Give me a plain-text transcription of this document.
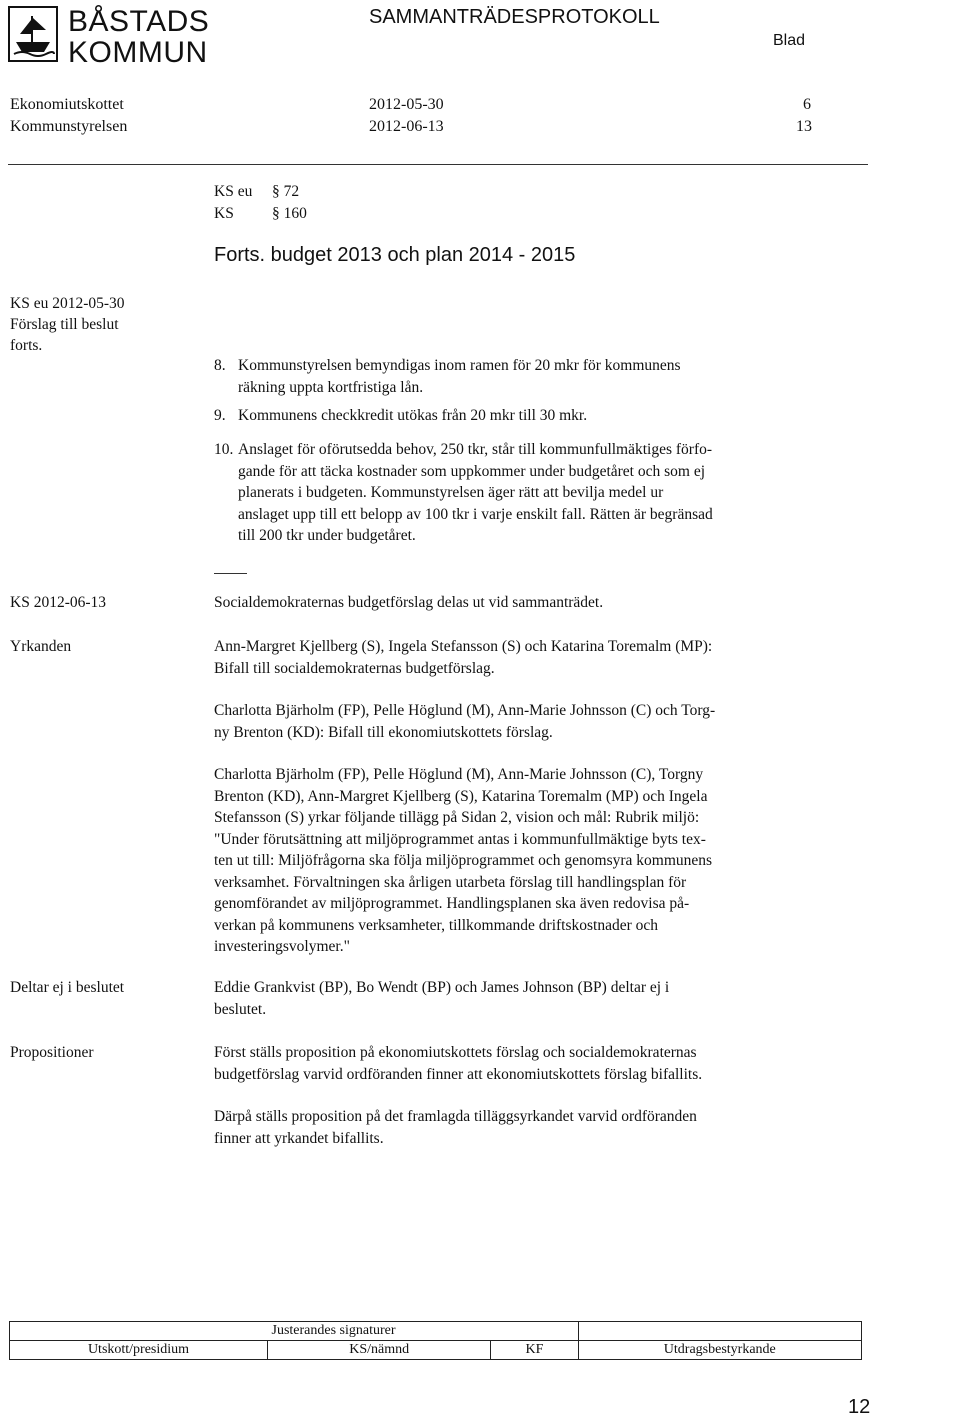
BÅSTADS
KOMMUN
SAMMANTRÄDESPROTOKOLL
Blad
Ekonomiutskottet	2012-05-30	6
Kommunstyrelsen	2012-06-13	13
KS eu § 72
KS § 160
Forts. budget 2013 och plan 2014 - 2015
KS eu 2012-05-30
Förslag till beslut
forts.
8. Kommunstyrelsen bemyndigas inom ramen för 20 mkr för kommunens
räkning uppta kortfristiga lån.
9. Kommunens checkkredit utökas från 20 mkr till 30 mkr.
10. Anslaget för oförutsedda behov, 250 tkr, står till kommunfullmäktiges förfo-
gande för att täcka kostnader som uppkommer under budgetåret och som ej
planerats i budgeten. Kommunstyrelsen äger rätt att bevilja medel ur
anslaget upp till ett belopp av 100 tkr i varje enskilt fall. Rätten är begränsad
till 200 tkr under budgetåret.
KS 2012-06-13	Socialdemokraternas budgetförslag delas ut vid sammanträdet.
Yrkanden	Ann-Margret Kjellberg (S), Ingela Stefansson (S) och Katarina Toremalm (MP):
Bifall till socialdemokraternas budgetförslag.
Charlotta Bjärholm (FP), Pelle Höglund (M), Ann-Marie Johnsson (C) och Torg-
ny Brenton (KD): Bifall till ekonomiutskottets förslag.
Charlotta Bjärholm (FP), Pelle Höglund (M), Ann-Marie Johnsson (C), Torgny
Brenton (KD), Ann-Margret Kjellberg (S), Katarina Toremalm (MP) och Ingela
Stefansson (S) yrkar följande tillägg på Sidan 2, vision och mål: Rubrik miljö:
"Under förutsättning att miljöprogrammet antas i kommunfullmäktige byts tex-
ten ut till: Miljöfrågorna ska följa miljöprogrammet och genomsyra kommunens
verksamhet. Förvaltningen ska årligen utarbeta förslag till handlingsplan för
genomförandet av miljöprogrammet. Handlingsplanen ska även redovisa på-
verkan på kommunens verksamheter, tillkommande driftskostnader och
investeringsvolymer."
Deltar ej i beslutet	Eddie Grankvist (BP), Bo Wendt (BP) och James Johnson (BP) deltar ej i
beslutet.
Propositioner	Först ställs proposition på ekonomiutskottets förslag och socialdemokraternas
budgetförslag varvid ordföranden finner att ekonomiutskottets förslag bifallits.
Därpå ställs proposition på det framlagda tilläggsyrkandet varvid ordföranden
finner att yrkandet bifallits.
	Justerandes signaturer		
Utskott/presidium	KS/nämnd	KF	Utdragsbestyrkande
12
